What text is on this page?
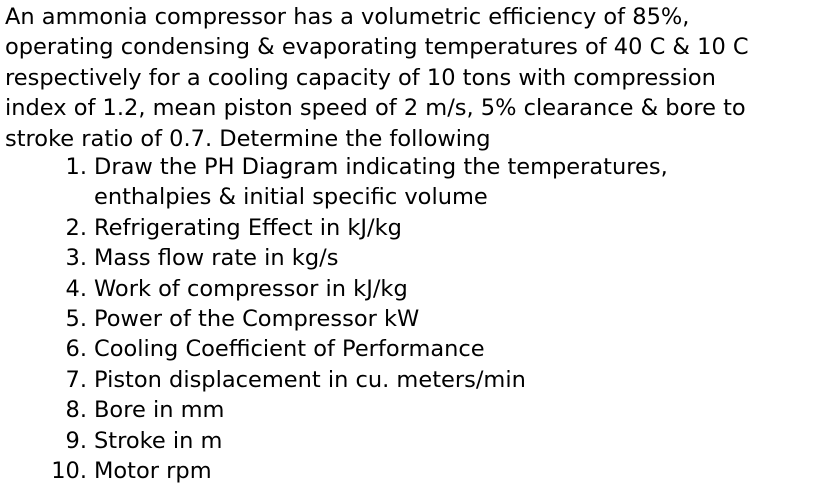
An ammonia compressor has a volumetric efficiency of 85%,
operating condensing & evaporating temperatures of 40 C & 10 C
respectively for a cooling capacity of 10 tons with compression
index of 1.2, mean piston speed of 2 m/s, 5% clearance & bore to
stroke ratio of 0.7. Determine the following
1. Draw the PH Diagram indicating the temperatures,
enthalpies & initial specific volume
2. Refrigerating Effect in kJ/kg
3. Mass flow rate in kg/s
4. Work of compressor in kJ/kg
5. Power of the Compressor kW
6. Cooling Coefficient of Performance
7. Piston displacement in cu. meters/min
8. Bore in mm
9. Stroke in m
10. Motor rpm
